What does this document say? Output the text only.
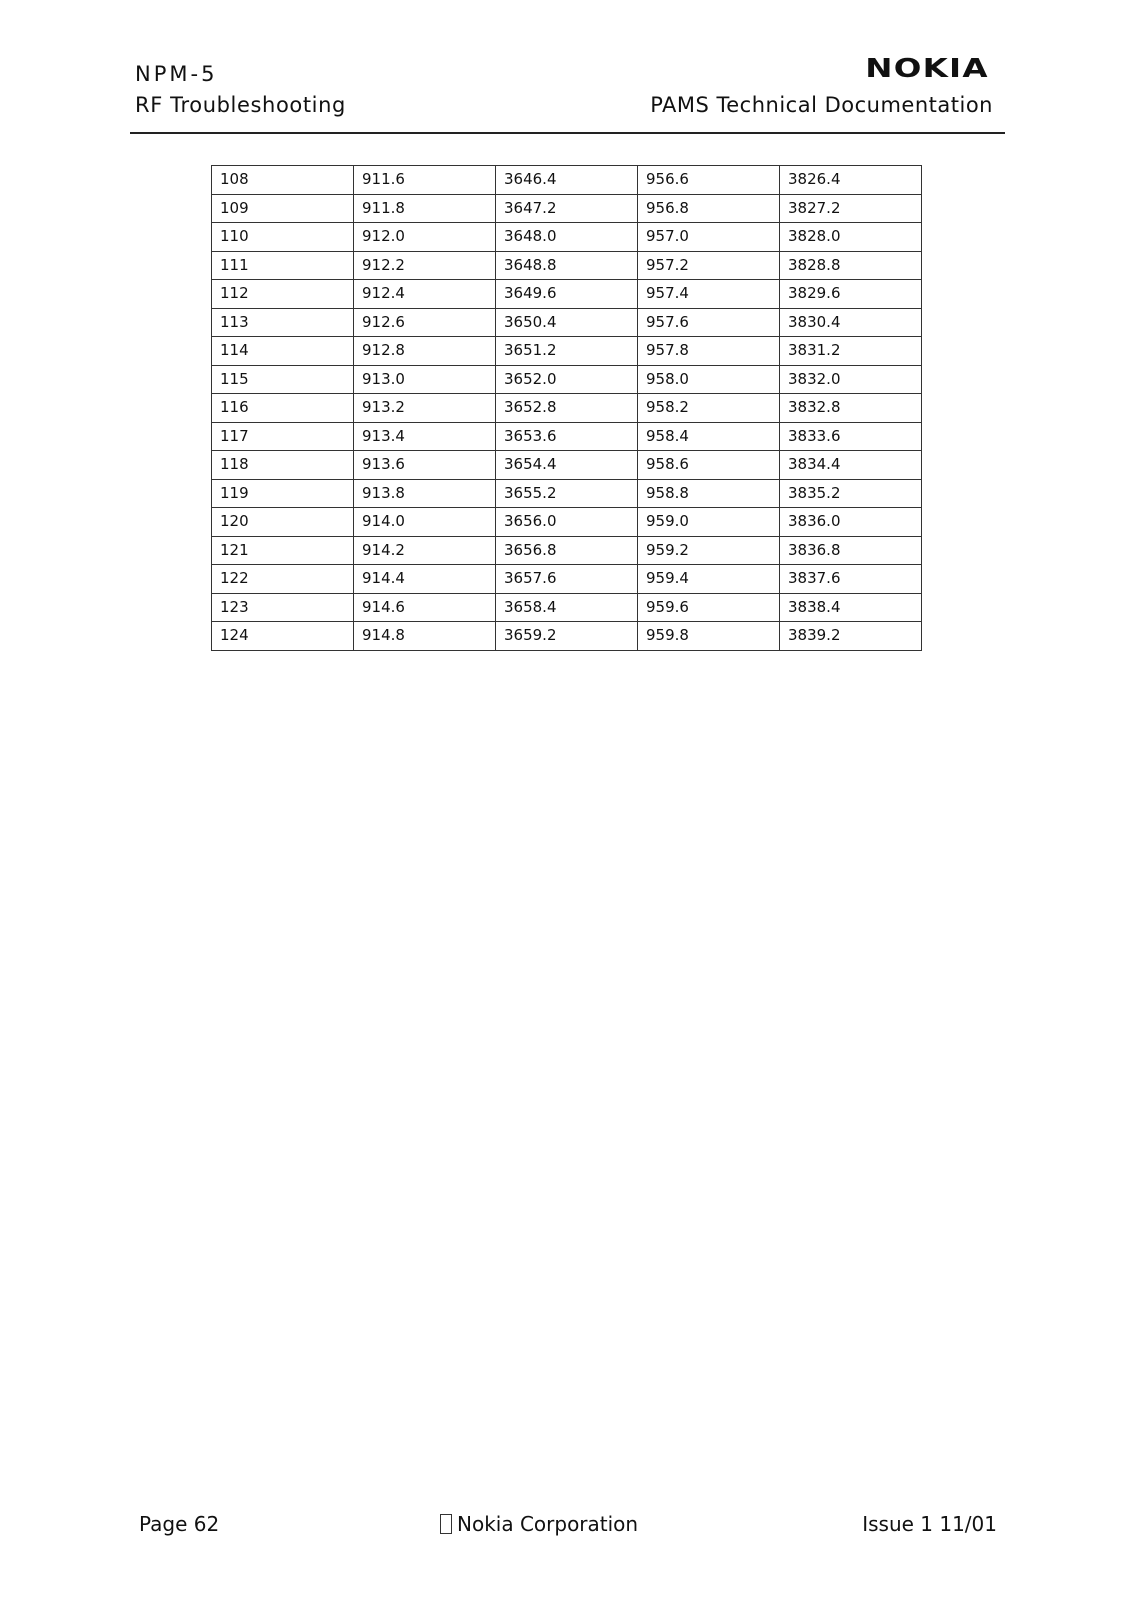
NPM-5
RF Troubleshooting	PAMS Technical Documentation
NOKIA
108	911.6	3646.4	956.6	3826.4
109	911.8	3647.2	956.8	3827.2
110	912.0	3648.0	957.0	3828.0
111	912.2	3648.8	957.2	3828.8
112	912.4	3649.6	957.4	3829.6
113	912.6	3650.4	957.6	3830.4
114	912.8	3651.2	957.8	3831.2
115	913.0	3652.0	958.0	3832.0
116	913.2	3652.8	958.2	3832.8
117	913.4	3653.6	958.4	3833.6
118	913.6	3654.4	958.6	3834.4
119	913.8	3655.2	958.8	3835.2
120	914.0	3656.0	959.0	3836.0
121	914.2	3656.8	959.2	3836.8
122	914.4	3657.6	959.4	3837.6
123	914.6	3658.4	959.6	3838.4
124	914.8	3659.2	959.8	3839.2
Page 62	Nokia Corporation	Issue 1 11/01
